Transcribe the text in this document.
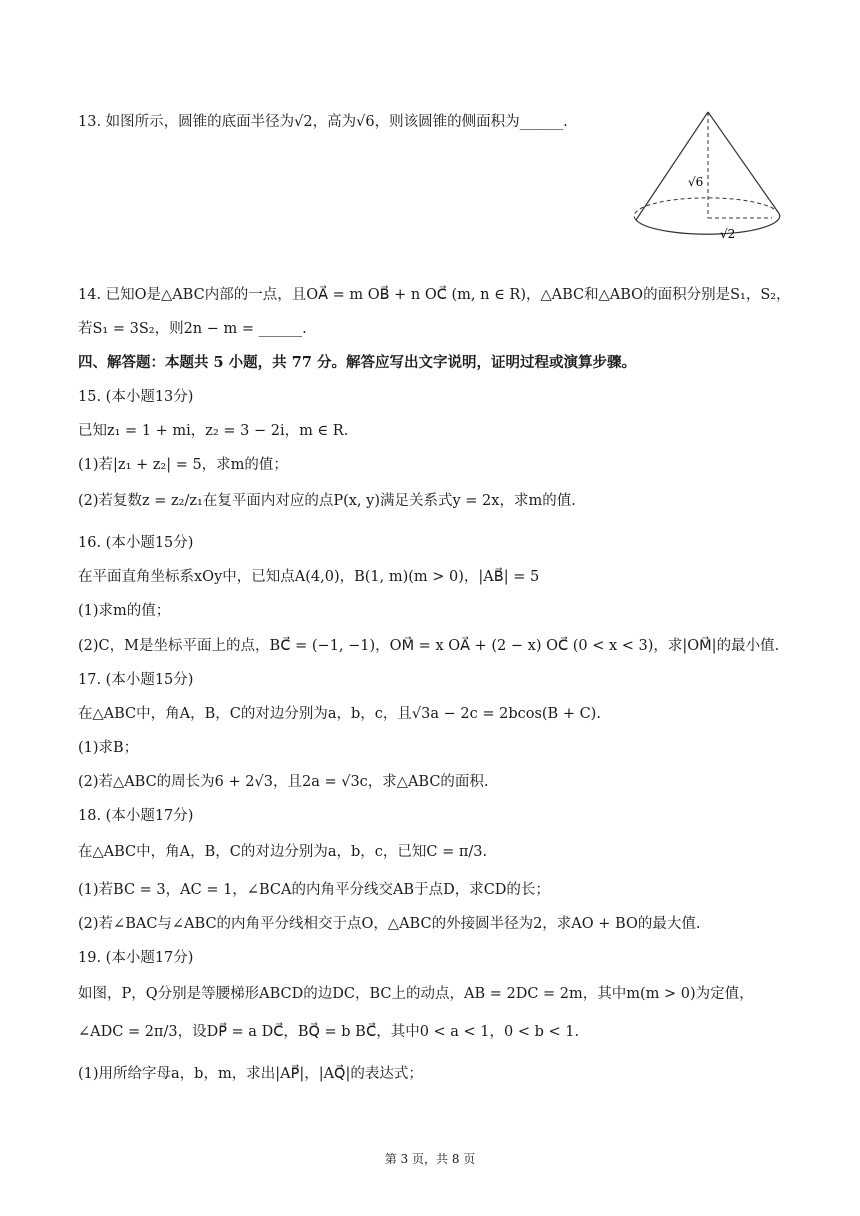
13. 如图所示，圆锥的底面半径为√2，高为√6，则该圆锥的侧面积为______.
√6
√2
14. 已知O是△ABC内部的一点，且OA⃗ = m OB⃗ + n OC⃗ (m, n ∈ R)，△ABC和△ABO的面积分别是S₁，S₂，
若S₁ = 3S₂，则2n − m = ______.
四、解答题：本题共 5 小题，共 77 分。解答应写出文字说明，证明过程或演算步骤。
15. (本小题13分)
已知z₁ = 1 + mi，z₂ = 3 − 2i，m ∈ R.
(1)若|z₁ + z₂| = 5，求m的值；
(2)若复数z = z₂/z₁在复平面内对应的点P(x, y)满足关系式y = 2x，求m的值.
16. (本小题15分)
在平面直角坐标系xOy中，已知点A(4,0)，B(1, m)(m > 0)，|AB⃗| = 5
(1)求m的值；
(2)C，M是坐标平面上的点，BC⃗ = (−1, −1)，OM⃗ = x OA⃗ + (2 − x) OC⃗ (0 < x < 3)，求|OM⃗|的最小值.
17. (本小题15分)
在△ABC中，角A，B，C的对边分别为a，b，c，且√3a − 2c = 2bcos(B + C).
(1)求B；
(2)若△ABC的周长为6 + 2√3，且2a = √3c，求△ABC的面积.
18. (本小题17分)
在△ABC中，角A，B，C的对边分别为a，b，c，已知C = π/3.
(1)若BC = 3，AC = 1，∠BCA的内角平分线交AB于点D，求CD的长；
(2)若∠BAC与∠ABC的内角平分线相交于点O，△ABC的外接圆半径为2，求AO + BO的最大值.
19. (本小题17分)
如图，P，Q分别是等腰梯形ABCD的边DC，BC上的动点，AB = 2DC = 2m，其中m(m > 0)为定值，
∠ADC = 2π/3，设DP⃗ = a DC⃗，BQ⃗ = b BC⃗，其中0 < a < 1，0 < b < 1.
(1)用所给字母a，b，m，求出|AP⃗|，|AQ⃗|的表达式；
第 3 页，共 8 页
